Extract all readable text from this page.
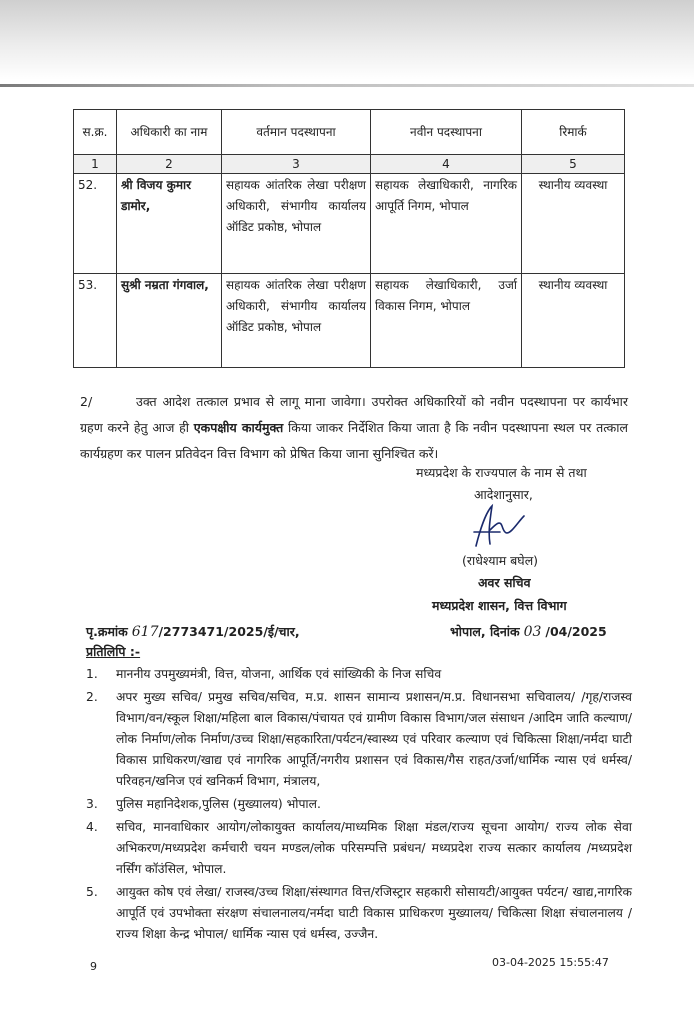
स.क्र.	अधिकारी का नाम	वर्तमान पदस्थापना	नवीन पदस्थापना	रिमार्क
1	2	3	4	5
52.	श्री विजय कुमार डामोर,	सहायक आंतरिक लेखा परीक्षण अधिकारी, संभागीय कार्यालय ऑडिट प्रकोष्ठ, भोपाल	सहायक लेखाधिकारी, नागरिक आपूर्ति निगम, भोपाल	स्थानीय व्यवस्था
53.	सुश्री नम्रता गंगवाल,	सहायक आंतरिक लेखा परीक्षण अधिकारी, संभागीय कार्यालय ऑडिट प्रकोष्ठ, भोपाल	सहायक लेखाधिकारी, उर्जा विकास निगम, भोपाल	स्थानीय व्यवस्था
2/	उक्त आदेश तत्काल प्रभाव से लागू माना जावेगा। उपरोक्त अधिकारियों को नवीन पदस्थापना पर कार्यभार ग्रहण करने हेतु आज ही एकपक्षीय कार्यमुक्त किया जाकर निर्देशित किया जाता है कि नवीन पदस्थापना स्थल पर तत्काल कार्यग्रहण कर पालन प्रतिवेदन वित्त विभाग को प्रेषित किया जाना सुनिश्चित करें।
मध्यप्रदेश के राज्यपाल के नाम से तथा
आदेशानुसार,
(राधेश्याम बघेल)
अवर सचिव
मध्यप्रदेश शासन, वित्त विभाग
पृ.क्रमांक 617/2773471/2025/ई/चार,	भोपाल, दिनांक 03 /04/2025
प्रतिलिपि :-
1.	माननीय उपमुख्यमंत्री, वित्त, योजना, आर्थिक एवं सांख्यिकी के निज सचिव
2.	अपर मुख्य सचिव/ प्रमुख सचिव/सचिव, म.प्र. शासन सामान्य प्रशासन/म.प्र. विधानसभा सचिवालय/ /गृह/राजस्व विभाग/वन/स्कूल शिक्षा/महिला बाल विकास/पंचायत एवं ग्रामीण विकास विभाग/जल संसाधन /आदिम जाति कल्याण/लोक निर्माण/लोक निर्माण/उच्च शिक्षा/सहकारिता/पर्यटन/स्वास्थ्य एवं परिवार कल्याण एवं चिकित्सा शिक्षा/नर्मदा घाटी विकास प्राधिकरण/खाद्य एवं नागरिक आपूर्ति/नगरीय प्रशासन एवं विकास/गैस राहत/उर्जा/धार्मिक न्यास एवं धर्मस्व/परिवहन/खनिज एवं खनिकर्म विभाग, मंत्रालय,
3.	पुलिस महानिदेशक,पुलिस (मुख्यालय) भोपाल.
4.	सचिव, मानवाधिकार आयोग/लोकायुक्त कार्यालय/माध्यमिक शिक्षा मंडल/राज्य सूचना आयोग/ राज्य लोक सेवा अभिकरण/मध्यप्रदेश कर्मचारी चयन मण्डल/लोक परिसम्पत्ति प्रबंधन/ मध्यप्रदेश राज्य सत्कार कार्यालय /मध्यप्रदेश नर्सिंग कॉउंसिल, भोपाल.
5.	आयुक्त कोष एवं लेखा/ राजस्व/उच्च शिक्षा/संस्थागत वित्त/रजिस्ट्रार सहकारी सोसायटी/आयुक्त पर्यटन/ खाद्य,नागरिक आपूर्ति एवं उपभोक्ता संरक्षण संचालनालय/नर्मदा घाटी विकास प्राधिकरण मुख्यालय/ चिकित्सा शिक्षा संचालनालय / राज्य शिक्षा केन्द्र भोपाल/ धार्मिक न्यास एवं धर्मस्व, उज्जैन.
9	03-04-2025 15:55:47
